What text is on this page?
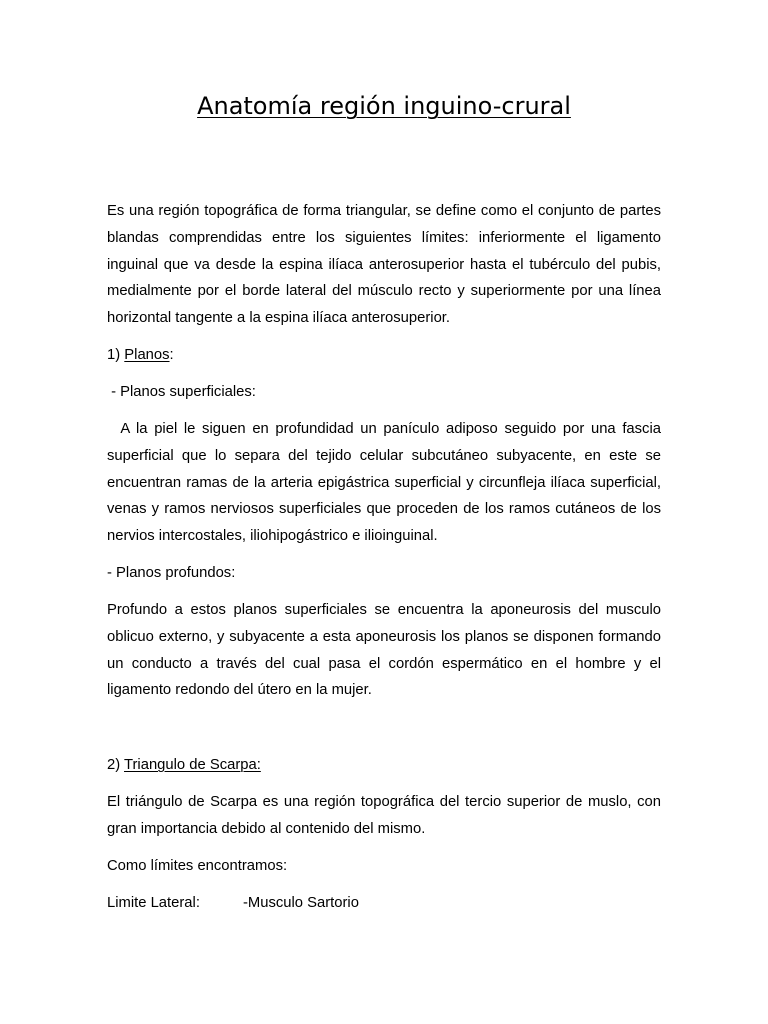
Anatomía región inguino-crural

Es una región topográfica de forma triangular, se define como el conjunto de partes blandas comprendidas entre los siguientes límites: inferiormente el ligamento inguinal que va desde la espina ilíaca anterosuperior hasta el tubérculo del pubis, medialmente por el borde lateral del músculo recto y superiormente por una línea horizontal tangente a la espina ilíaca anterosuperior.

1) Planos:

- Planos superficiales:

A la piel le siguen en profundidad un panículo adiposo seguido por una fascia superficial que lo separa del tejido celular subcutáneo subyacente, en este se encuentran ramas de la arteria epigástrica superficial y circunfleja ilíaca superficial, venas y ramos nerviosos superficiales que proceden de los ramos cutáneos de los nervios intercostales, iliohipogástrico e ilioinguinal.

- Planos profundos:

Profundo a estos planos superficiales se encuentra la aponeurosis del musculo oblicuo externo, y subyacente a esta aponeurosis los planos se disponen formando un conducto a través del cual pasa el cordón espermático en el hombre y el ligamento redondo del útero en la mujer.

2) Triangulo de Scarpa:

El triángulo de Scarpa es una región topográfica del tercio superior de muslo, con gran importancia debido al contenido del mismo.

Como límites encontramos:

Limite Lateral:	-Musculo Sartorio
